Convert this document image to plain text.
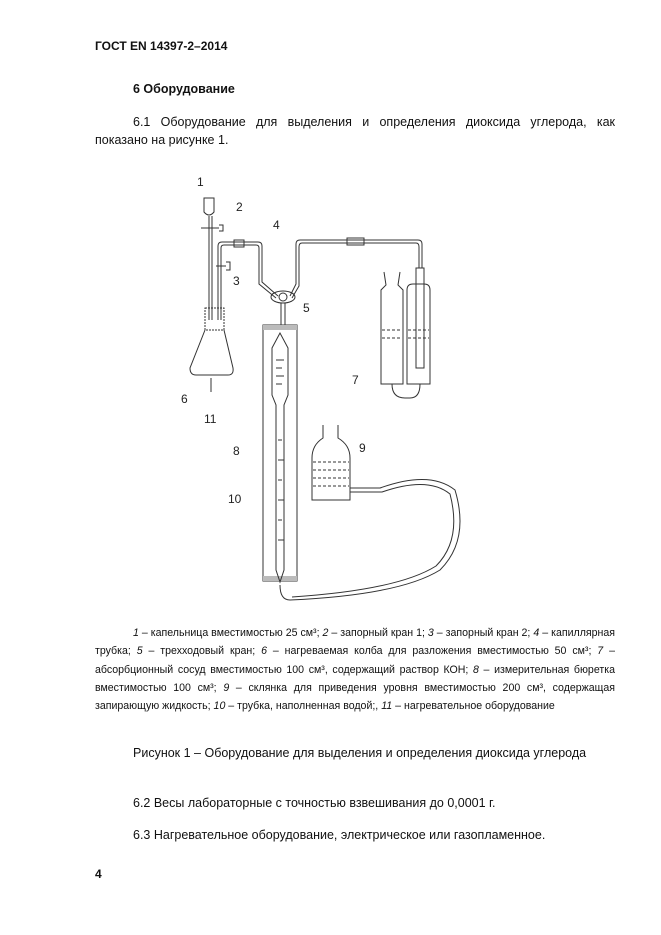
ГОСТ EN 14397-2–2014
6 Оборудование
6.1 Оборудование для выделения и определения диоксида углерода, как показано на рисунке 1.
1
2
4
3
5
6
11
7
8
10
9
1 – капельница вместимостью 25 см³; 2 – запорный кран 1; 3 – запорный кран 2; 4 – капиллярная трубка; 5 – трехходовый кран; 6 – нагреваемая колба для разложения вместимостью 50 см³; 7 – абсорбционный сосуд вместимостью 100 см³, содержащий раствор КОН; 8 – измерительная бюретка вместимостью 100 см³; 9 – склянка для приведения уровня вместимостью 200 см³, содержащая запирающую жидкость; 10 – трубка, наполненная водой;, 11 – нагревательное оборудование
Рисунок 1 – Оборудование для выделения и определения диоксида углерода
6.2 Весы лабораторные с точностью взвешивания до 0,0001 г.
6.3 Нагревательное оборудование, электрическое или газопламенное.
4
